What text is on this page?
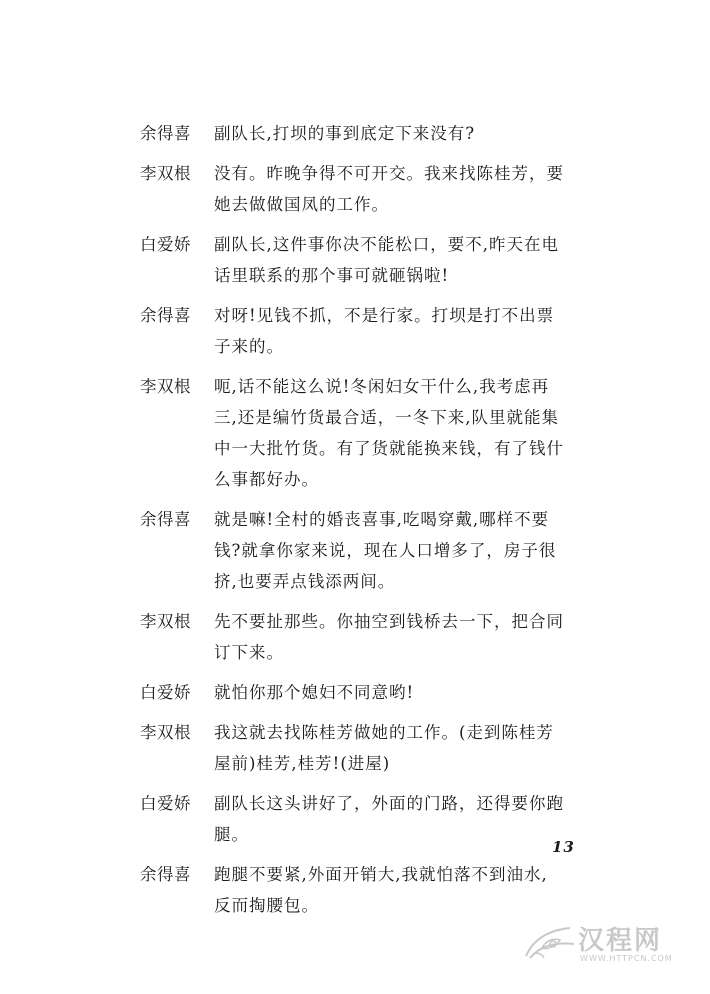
余得喜	副队长,打坝的事到底定下来没有?
李双根	没有。昨晚争得不可开交。我来找陈桂芳，要
她去做做国凤的工作。
白爱娇	副队长,这件事你决不能松口，要不,昨天在电
话里联系的那个事可就砸锅啦!
余得喜	对呀!见钱不抓，不是行家。打坝是打不出票
子来的。
李双根	呃,话不能这么说!冬闲妇女干什么,我考虑再
三,还是编竹货最合适，一冬下来,队里就能集
中一大批竹货。有了货就能换来钱，有了钱什
么事都好办。
余得喜	就是嘛!全村的婚丧喜事,吃喝穿戴,哪样不要
钱?就拿你家来说，现在人口增多了，房子很
挤,也要弄点钱添两间。
李双根	先不要扯那些。你抽空到钱桥去一下，把合同
订下来。
白爱娇	就怕你那个媳妇不同意哟!
李双根	我这就去找陈桂芳做她的工作。(走到陈桂芳
屋前)桂芳,桂芳!(进屋)
白爱娇	副队长这头讲好了，外面的门路，还得要你跑
腿。
余得喜	跑腿不要紧,外面开销大,我就怕落不到油水,
反而掏腰包。
13
汉程网
WWW.HTTPCN.COM
